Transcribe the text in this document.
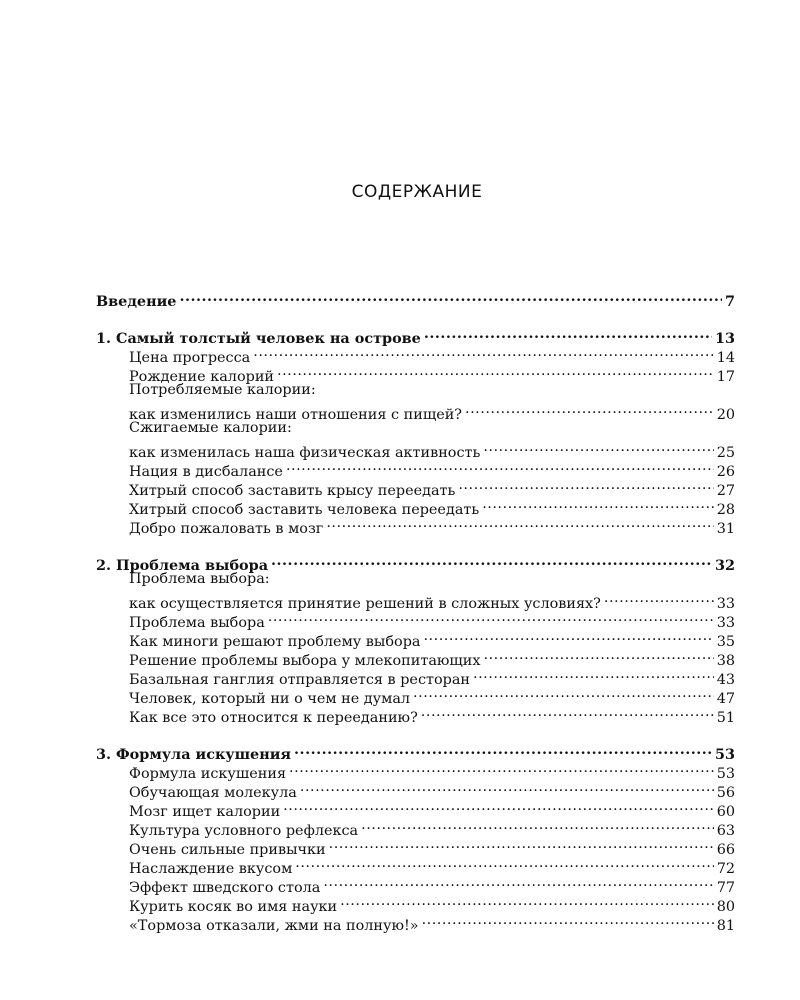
СОДЕРЖАНИЕ
Введение .....	7
1. Самый толстый человек на острове .....	13
Цена прогресса .....	14
Рождение калорий .....	17
Потребляемые калории:
как изменились наши отношения с пищей? .....	20
Сжигаемые калории:
как изменилась наша физическая активность .....	25
Нация в дисбалансе .....	26
Хитрый способ заставить крысу переедать .....	27
Хитрый способ заставить человека переедать .....	28
Добро пожаловать в мозг .....	31
2. Проблема выбора .....	32
Проблема выбора:
как осуществляется принятие решений в сложных условиях? .....	33
Проблема выбора .....	33
Как миноги решают проблему выбора .....	35
Решение проблемы выбора у млекопитающих .....	38
Базальная ганглия отправляется в ресторан .....	43
Человек, который ни о чем не думал .....	47
Как все это относится к перееданию? .....	51
3. Формула искушения .....	53
Формула искушения .....	53
Обучающая молекула .....	56
Мозг ищет калории .....	60
Культура условного рефлекса .....	63
Очень сильные привычки .....	66
Наслаждение вкусом .....	72
Эффект шведского стола .....	77
Курить косяк во имя науки .....	80
«Тормоза отказали, жми на полную!» .....	81
